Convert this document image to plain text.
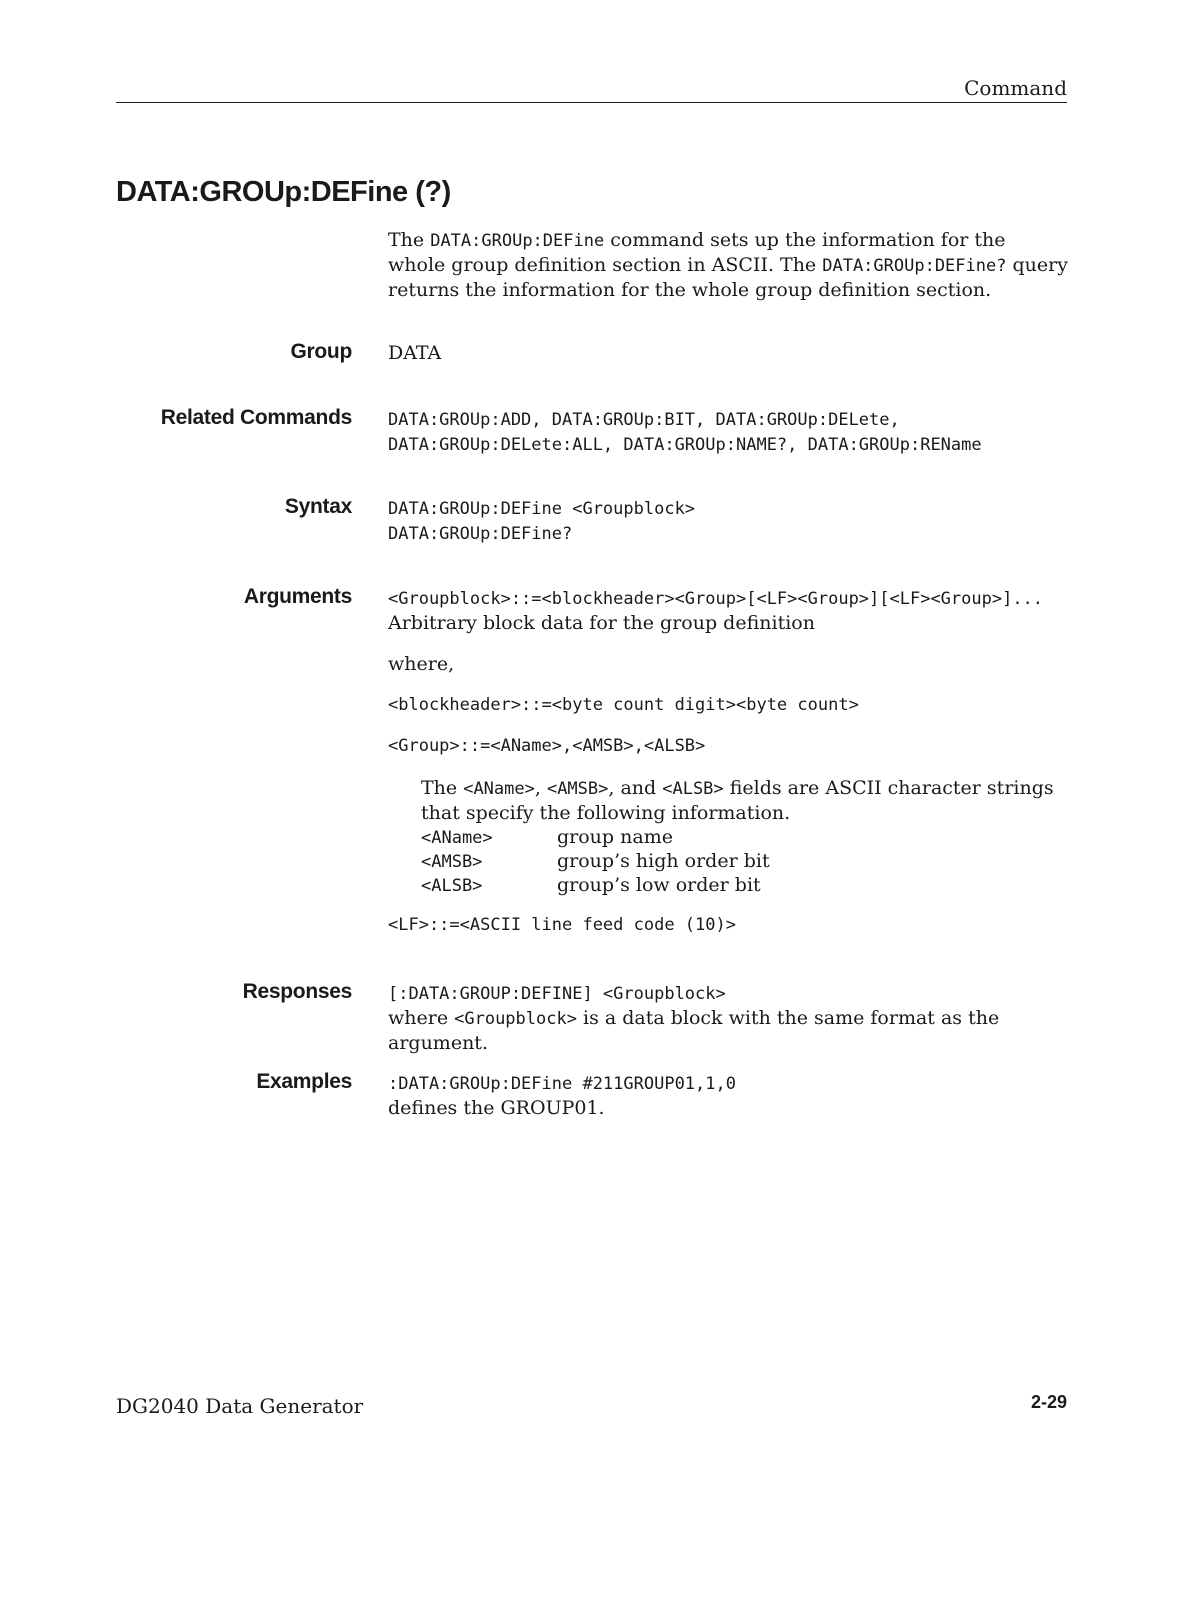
Command
DATA:GROUp:DEFine (?)

The DATA:GROUp:DEFine command sets up the information for the whole group definition section in ASCII. The DATA:GROUp:DEFine? query returns the information for the whole group definition section.

Group DATA
Related Commands DATA:GROUp:ADD, DATA:GROUp:BIT, DATA:GROUp:DELete,
DATA:GROUp:DELete:ALL, DATA:GROUp:NAME?, DATA:GROUp:REName
Syntax DATA:GROUp:DEFine <Groupblock>
DATA:GROUp:DEFine?
Arguments <Groupblock>::=<blockheader><Group>[<LF><Group>][<LF><Group>]...
Arbitrary block data for the group definition
where,
<blockheader>::=<byte count digit><byte count>
<Group>::=<AName>,<AMSB>,<ALSB>
The <AName>, <AMSB>, and <ALSB> fields are ASCII character strings that specify the following information.
<AName>	group name
<AMSB>	group’s high order bit
<ALSB>	group’s low order bit
<LF>::=<ASCII line feed code (10)>
Responses [:DATA:GROUP:DEFINE] <Groupblock>
where <Groupblock> is a data block with the same format as the argument.
Examples :DATA:GROUp:DEFine #211GROUP01,1,0
defines the GROUP01.
DG2040 Data Generator	2-29
